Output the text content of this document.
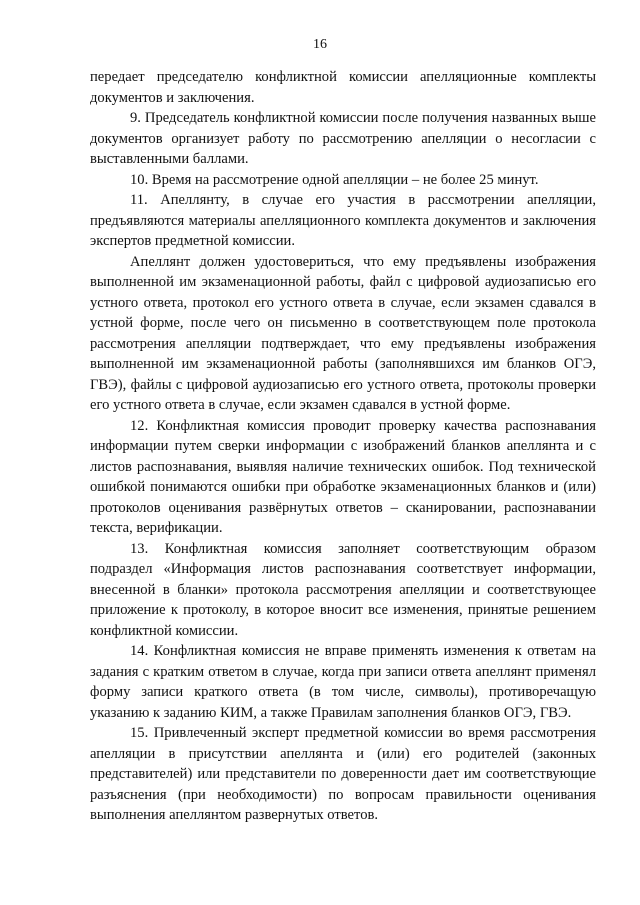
16

передает председателю конфликтной комиссии апелляционные комплекты документов и заключения.

9. Председатель конфликтной комиссии после получения названных выше документов организует работу по рассмотрению апелляции о несогласии с выставленными баллами.

10. Время на рассмотрение одной апелляции – не более 25 минут.

11. Апеллянту, в случае его участия в рассмотрении апелляции, предъявляются материалы апелляционного комплекта документов и заключения экспертов предметной комиссии.

Апеллянт должен удостовериться, что ему предъявлены изображения выполненной им экзаменационной работы, файл с цифровой аудиозаписью его устного ответа, протокол его устного ответа в случае, если экзамен сдавался в устной форме, после чего он письменно в соответствующем поле протокола рассмотрения апелляции подтверждает, что ему предъявлены изображения выполненной им экзаменационной работы (заполнявшихся им бланков ОГЭ, ГВЭ), файлы с цифровой аудиозаписью его устного ответа, протоколы проверки его устного ответа в случае, если экзамен сдавался в устной форме.

12. Конфликтная комиссия проводит проверку качества распознавания информации путем сверки информации с изображений бланков апеллянта и с листов распознавания, выявляя наличие технических ошибок. Под технической ошибкой понимаются ошибки при обработке экзаменационных бланков и (или) протоколов оценивания развёрнутых ответов – сканировании, распознавании текста, верификации.

13. Конфликтная комиссия заполняет соответствующим образом подраздел «Информация листов распознавания соответствует информации, внесенной в бланки» протокола рассмотрения апелляции и соответствующее приложение к протоколу, в которое вносит все изменения, принятые решением конфликтной комиссии.

14. Конфликтная комиссия не вправе применять изменения к ответам на задания с кратким ответом в случае, когда при записи ответа апеллянт применял форму записи краткого ответа (в том числе, символы), противоречащую указанию к заданию КИМ, а также Правилам заполнения бланков ОГЭ, ГВЭ.

15. Привлеченный эксперт предметной комиссии во время рассмотрения апелляции в присутствии апеллянта и (или) его родителей (законных представителей) или представители по доверенности дает им соответствующие разъяснения (при необходимости) по вопросам правильности оценивания выполнения апеллянтом развернутых ответов.
